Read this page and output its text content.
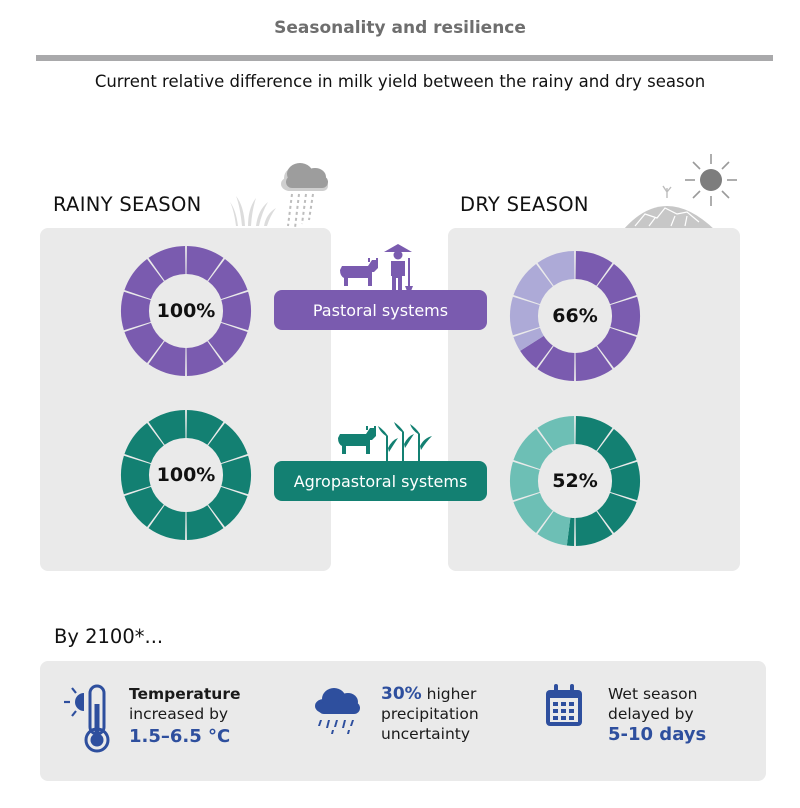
Seasonality and resilience
Current relative difference in milk yield between the rainy and dry season
RAINY SEASON	DRY SEASON
Pastoral systems
Agropastoral systems
100%	66%
100%	52%
By 2100*...
Temperature
increased by
1.5–6.5 °C
30% higher
precipitation
uncertainty
Wet season
delayed by
5-10 days
